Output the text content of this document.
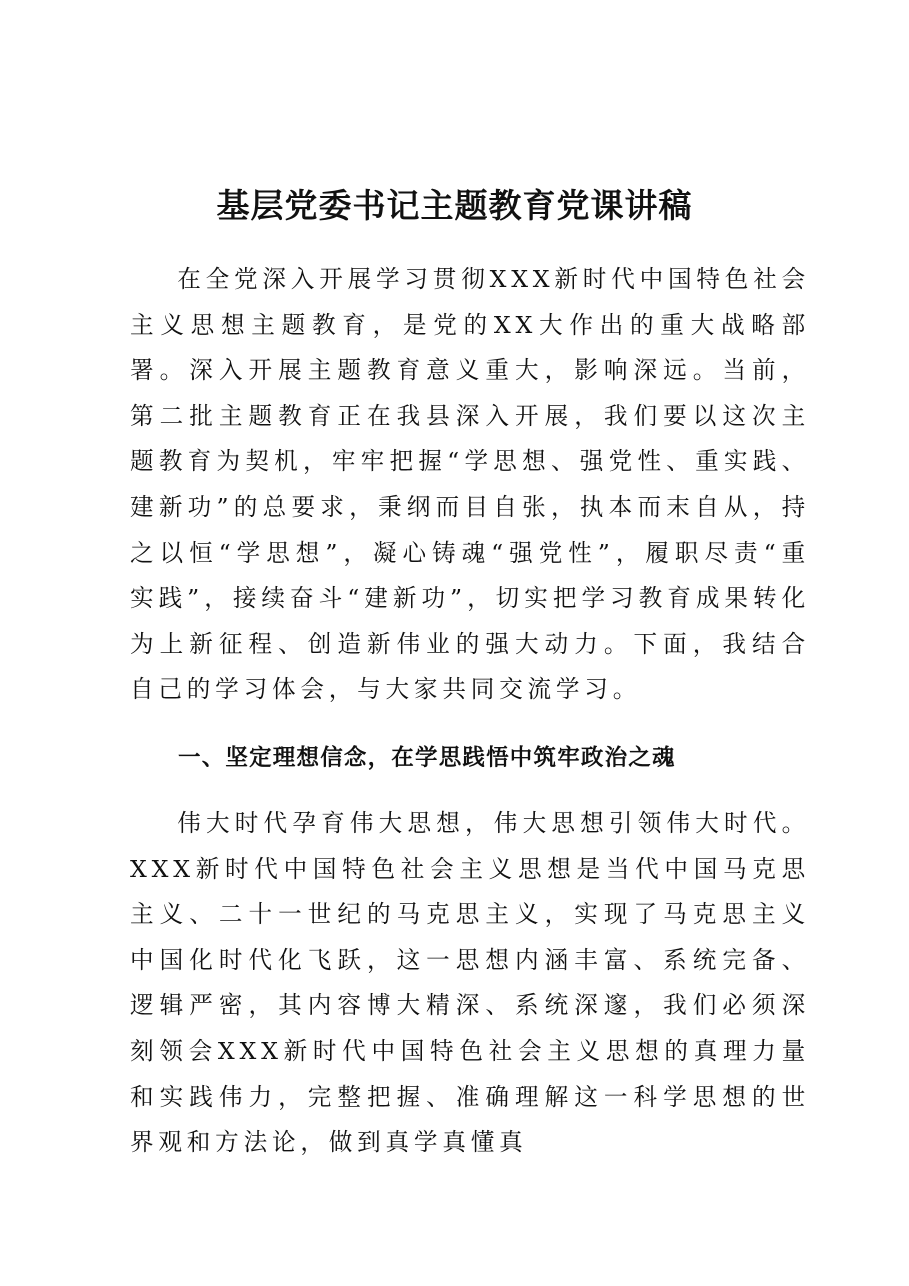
基层党委书记主题教育党课讲稿

在全党深入开展学习贯彻XXX新时代中国特色社会主义思想主题教育，是党的XX大作出的重大战略部署。深入开展主题教育意义重大，影响深远。当前，第二批主题教育正在我县深入开展，我们要以这次主题教育为契机，牢牢把握“学思想、强党性、重实践、建新功”的总要求，秉纲而目自张，执本而末自从，持之以恒“学思想”，凝心铸魂“强党性”，履职尽责“重实践”，接续奋斗“建新功”，切实把学习教育成果转化为上新征程、创造新伟业的强大动力。下面，我结合自己的学习体会，与大家共同交流学习。

一、坚定理想信念，在学思践悟中筑牢政治之魂

伟大时代孕育伟大思想，伟大思想引领伟大时代。XXX新时代中国特色社会主义思想是当代中国马克思主义、二十一世纪的马克思主义，实现了马克思主义中国化时代化飞跃，这一思想内涵丰富、系统完备、逻辑严密，其内容博大精深、系统深邃，我们必须深刻领会XXX新时代中国特色社会主义思想的真理力量和实践伟力，完整把握、准确理解这一科学思想的世界观和方法论，做到真学真懂真
